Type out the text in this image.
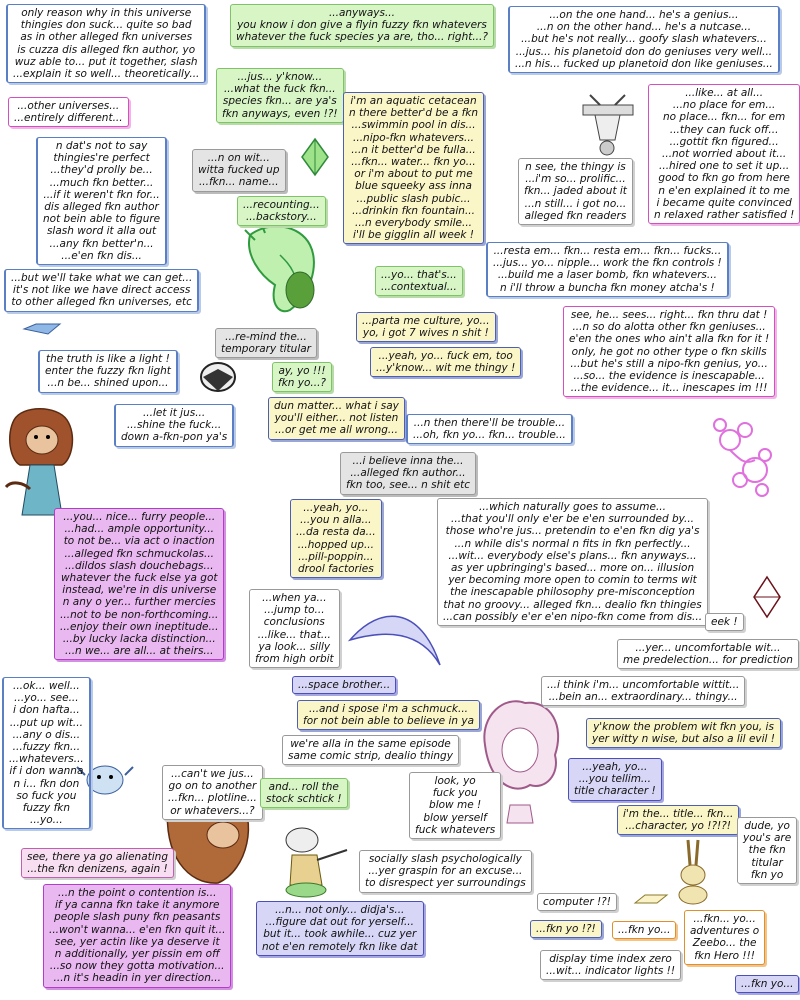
only reason why in this universe
thingies don suck... quite so bad
as in other alleged fkn universes
is cuzza dis alleged fkn author, yo
wuz able to... put it together, slash
...explain it so well... theoretically...
...anyways...
you know i don give a flyin fuzzy fkn whatevers
whatever the fuck species ya are, tho... right...?
...on the one hand... he's a genius...
...n on the other hand... he's a nutcase...
...but he's not really... goofy slash whatevers...
...jus... his planetoid don do geniuses very well...
...n his... fucked up planetoid don like geniuses...
...jus... y'know...
...what the fuck fkn...
species fkn... are ya's
fkn anyways, even !?!
...other universes...
...entirely different...
i'm an aquatic cetacean
n there better'd be a fkn
...swimmin pool in dis...
...nipo-fkn whatevers...
...n it better'd be fulla...
...fkn... water... fkn yo...
or i'm about to put me
blue squeeky ass inna
...public slash pubic...
...drinkin fkn fountain...
...n everybody smile...
i'll be gigglin all week !
...like... at all...
...no place for em...
no place... fkn... for em
...they can fuck off...
...gottit fkn figured...
...not worried about it...
...hired one to set it up...
good to fkn go from here
n e'en explained it to me
i became quite convinced
n relaxed rather satisfied !
n dat's not to say
thingies're perfect
...they'd prolly be...
...much fkn better...
...if it weren't fkn for...
dis alleged fkn author
not bein able to figure
slash word it alla out
...any fkn better'n...
...e'en fkn dis...
...n on wit...
witta fucked up
...fkn... name...
n see, the thingy is
...i'm so... prolific...
fkn... jaded about it
...n still... i got no...
alleged fkn readers
...recounting...
...backstory...
...but we'll take what we can get...
it's not like we have direct access
to other alleged fkn universes, etc
...resta em... fkn... resta em... fkn... fucks...
...jus... yo... nipple... work the fkn controls !
...build me a laser bomb, fkn whatevers...
n i'll throw a buncha fkn money atcha's !
...yo... that's...
...contextual...
...parta me culture, yo...
yo, i got 7 wives n shit !
see, he... sees... right... fkn thru dat !
...n so do alotta other fkn geniuses...
e'en the ones who ain't alla fkn for it !
only, he got no other type o fkn skills
...but he's still a nipo-fkn genius, yo...
...so... the evidence is inescapable...
...the evidence... it... inescapes im !!!
...re-mind the...
temporary titular
...yeah, yo... fuck em, too
...y'know... wit me thingy !
the truth is like a light !
enter the fuzzy fkn light
...n be... shined upon...
ay, yo !!!
fkn yo...?
...let it jus...
...shine the fuck...
down a-fkn-pon ya's
dun matter... what i say
you'll either... not listen
...or get me all wrong...
...n then there'll be trouble...
...oh, fkn yo... fkn... trouble...
...i believe inna the...
...alleged fkn author...
fkn too, see... n shit etc
...which naturally goes to assume...
...that you'll only e'er be e'en surrounded by...
those who're jus... pretendin to e'en fkn dig ya's
...n while dis's normal n fits in fkn perfectly...
...wit... everybody else's plans... fkn anyways...
as yer upbringing's based... more on... illusion
yer becoming more open to comin to terms wit
the inescapable philosophy pre-misconception
that no groovy... alleged fkn... dealio fkn thingies
...can possibly e'er e'en nipo-fkn come from dis...
...you... nice... furry people...
...had... ample opportunity...
to not be... via act o inaction
...alleged fkn schmuckolas...
...dildos slash douchebags...
whatever the fuck else ya got
instead, we're in dis universe
n any o yer... further mercies
...not to be non-forthcoming...
...enjoy their own ineptitude...
...by lucky lacka distinction...
...n we... are all... at theirs...
...yeah, yo...
...you n alla...
...da resta da...
...hopped up...
...pill-poppin...
drool factories
eek !
...when ya...
...jump to...
conclusions
...like... that...
ya look... silly
from high orbit
...yer... uncomfortable wit...
me predelection... for prediction
...space brother...	...i think i'm... uncomfortable wittit...
...bein an... extraordinary... thingy...
...and i spose i'm a schmuck...
for not bein able to believe in ya
...ok... well...
...yo... see...
i don hafta...
...put up wit...
...any o dis...
...fuzzy fkn...
...whatevers...
if i don wanna
n i... fkn don
so fuck you
fuzzy fkn
...yo...
we're alla in the same episode
same comic strip, dealio thingy
y'know the problem wit fkn you, is
yer witty n wise, but also a lil evil !
...yeah, yo...
...you tellim...
title character !
...can't we jus...
go on to another
...fkn... plotline...
or whatevers...?
and... roll the
stock schtick !
look, yo
fuck you
blow me !
blow yerself
fuck whatevers
i'm the... title... fkn...
...character, yo !?!?!	dude, yo
you's are
the fkn
titular
fkn yo
see, there ya go alienating
...the fkn denizens, again !
socially slash psychologically
...yer graspin for an excuse...
to disrespect yer surroundings
...n the point o contention is...
if ya canna fkn take it anymore
people slash puny fkn peasants
...won't wanna... e'en fkn quit it...
see, yer actin like ya deserve it
n additionally, yer pissin em off
...so now they gotta motivation...
...n it's headin in yer direction...
...n... not only... didja's...
...figure dat out for yerself...
but it... took awhile... cuz yer
not e'en remotely fkn like dat
computer !?!
...fkn yo !?!	...fkn yo...
...fkn... yo...
adventures o
Zeebo... the
fkn Hero !!!
display time index zero
...wit... indicator lights !!
...fkn yo...
